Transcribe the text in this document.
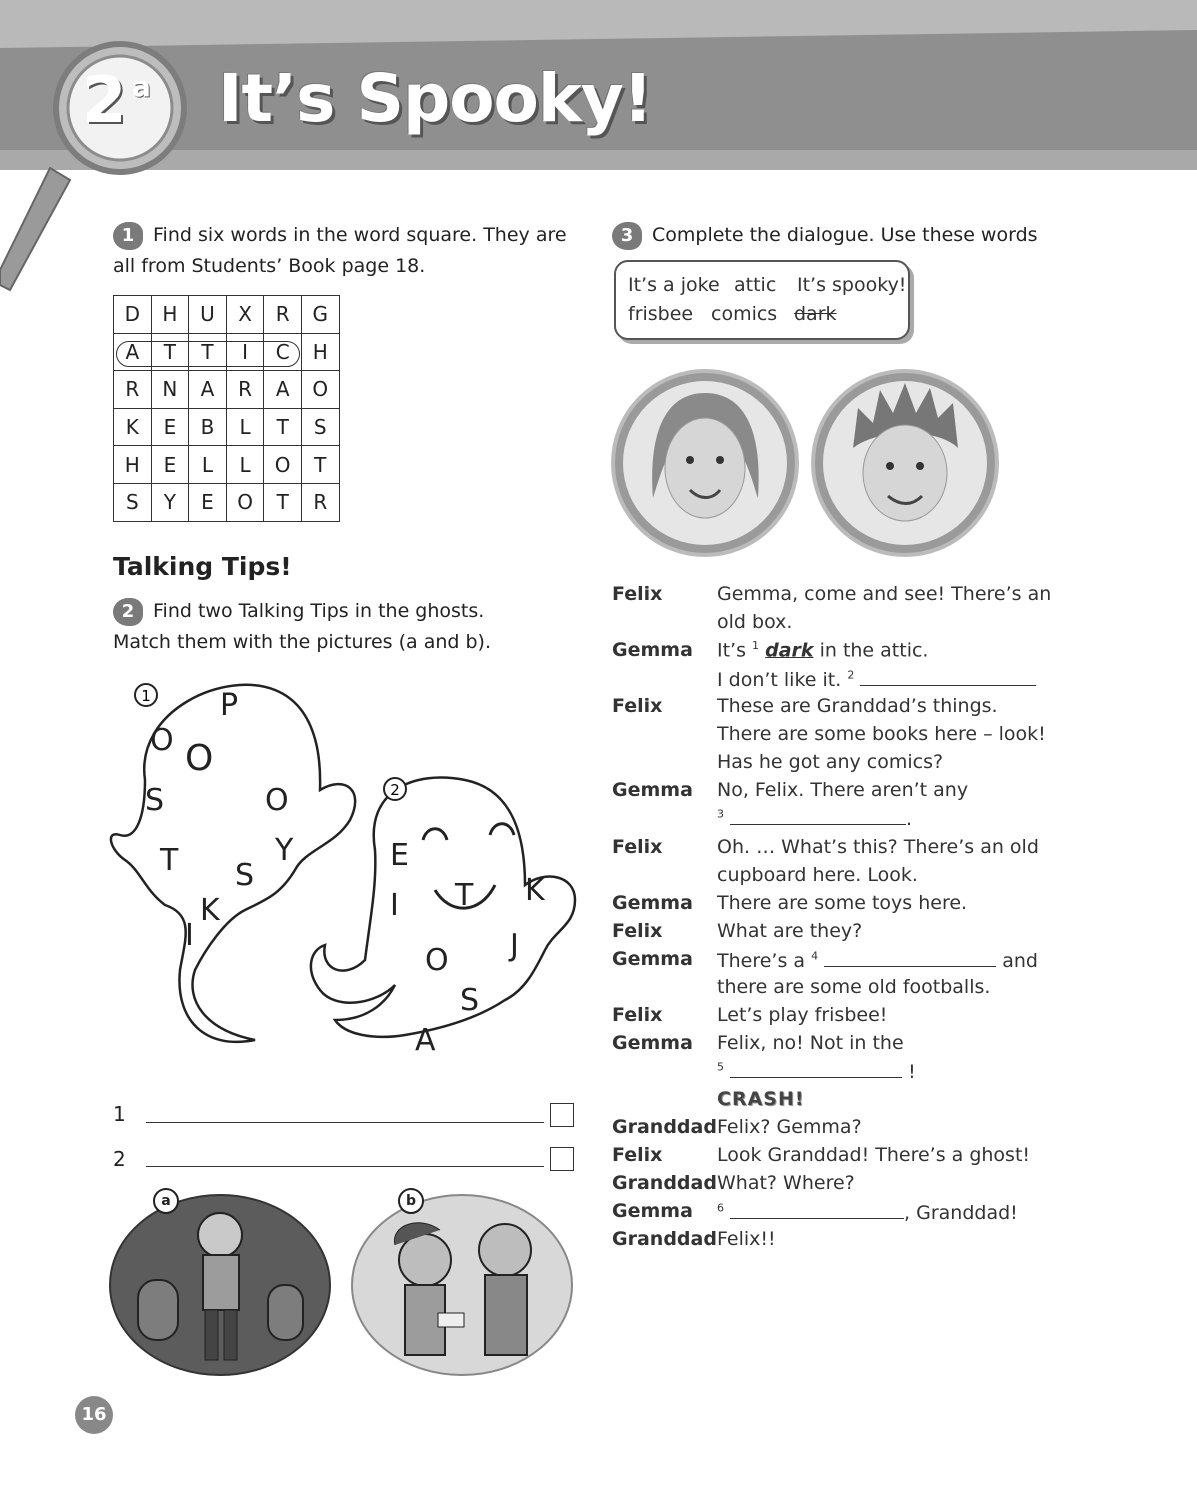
2 a It’s Spooky!
1 Find six words in the word square. They are
all from Students’ Book page 18.
D	H	U	X	R	G
A	T	T	I	C	H
R	N	A	R	A	O
K	E	B	L	T	S
H	E	L	L	O	T
S	Y	E	O	T	R
Talking Tips!
2 Find two Talking Tips in the ghosts.
Match them with the pictures (a and b).
1
2
P
O O
S	O
T S
K
Y
I
E
I T K
O J
S
A
1
2
a	b
3 Complete the dialogue. Use these words
It’s a joke attic It’s spooky!
frisbee comics dark
Felix	Gemma, come and see! There’s an
old box.
Gemma It’s $^1$ dark in the attic.
I don’t like it. $^2$
Felix	These are Granddad’s things.
There are some books here – look!
Has he got any comics?
Gemma No, Felix. There aren’t any
$^3$	.
Felix	Oh. … What’s this? There’s an old
cupboard here. Look.
Gemma There are some toys here.
Felix	What are they?
Gemma There’s a $^4$	and
there are some old footballs.
Felix	Let’s play frisbee!
Gemma Felix, no! Not in the
$^5$	!
CRASH!
Granddad Felix? Gemma?
Felix	Look Granddad! There’s a ghost!
Granddad What? Where?
Gemma $^6$	, Granddad!
Granddad Felix!!
16
